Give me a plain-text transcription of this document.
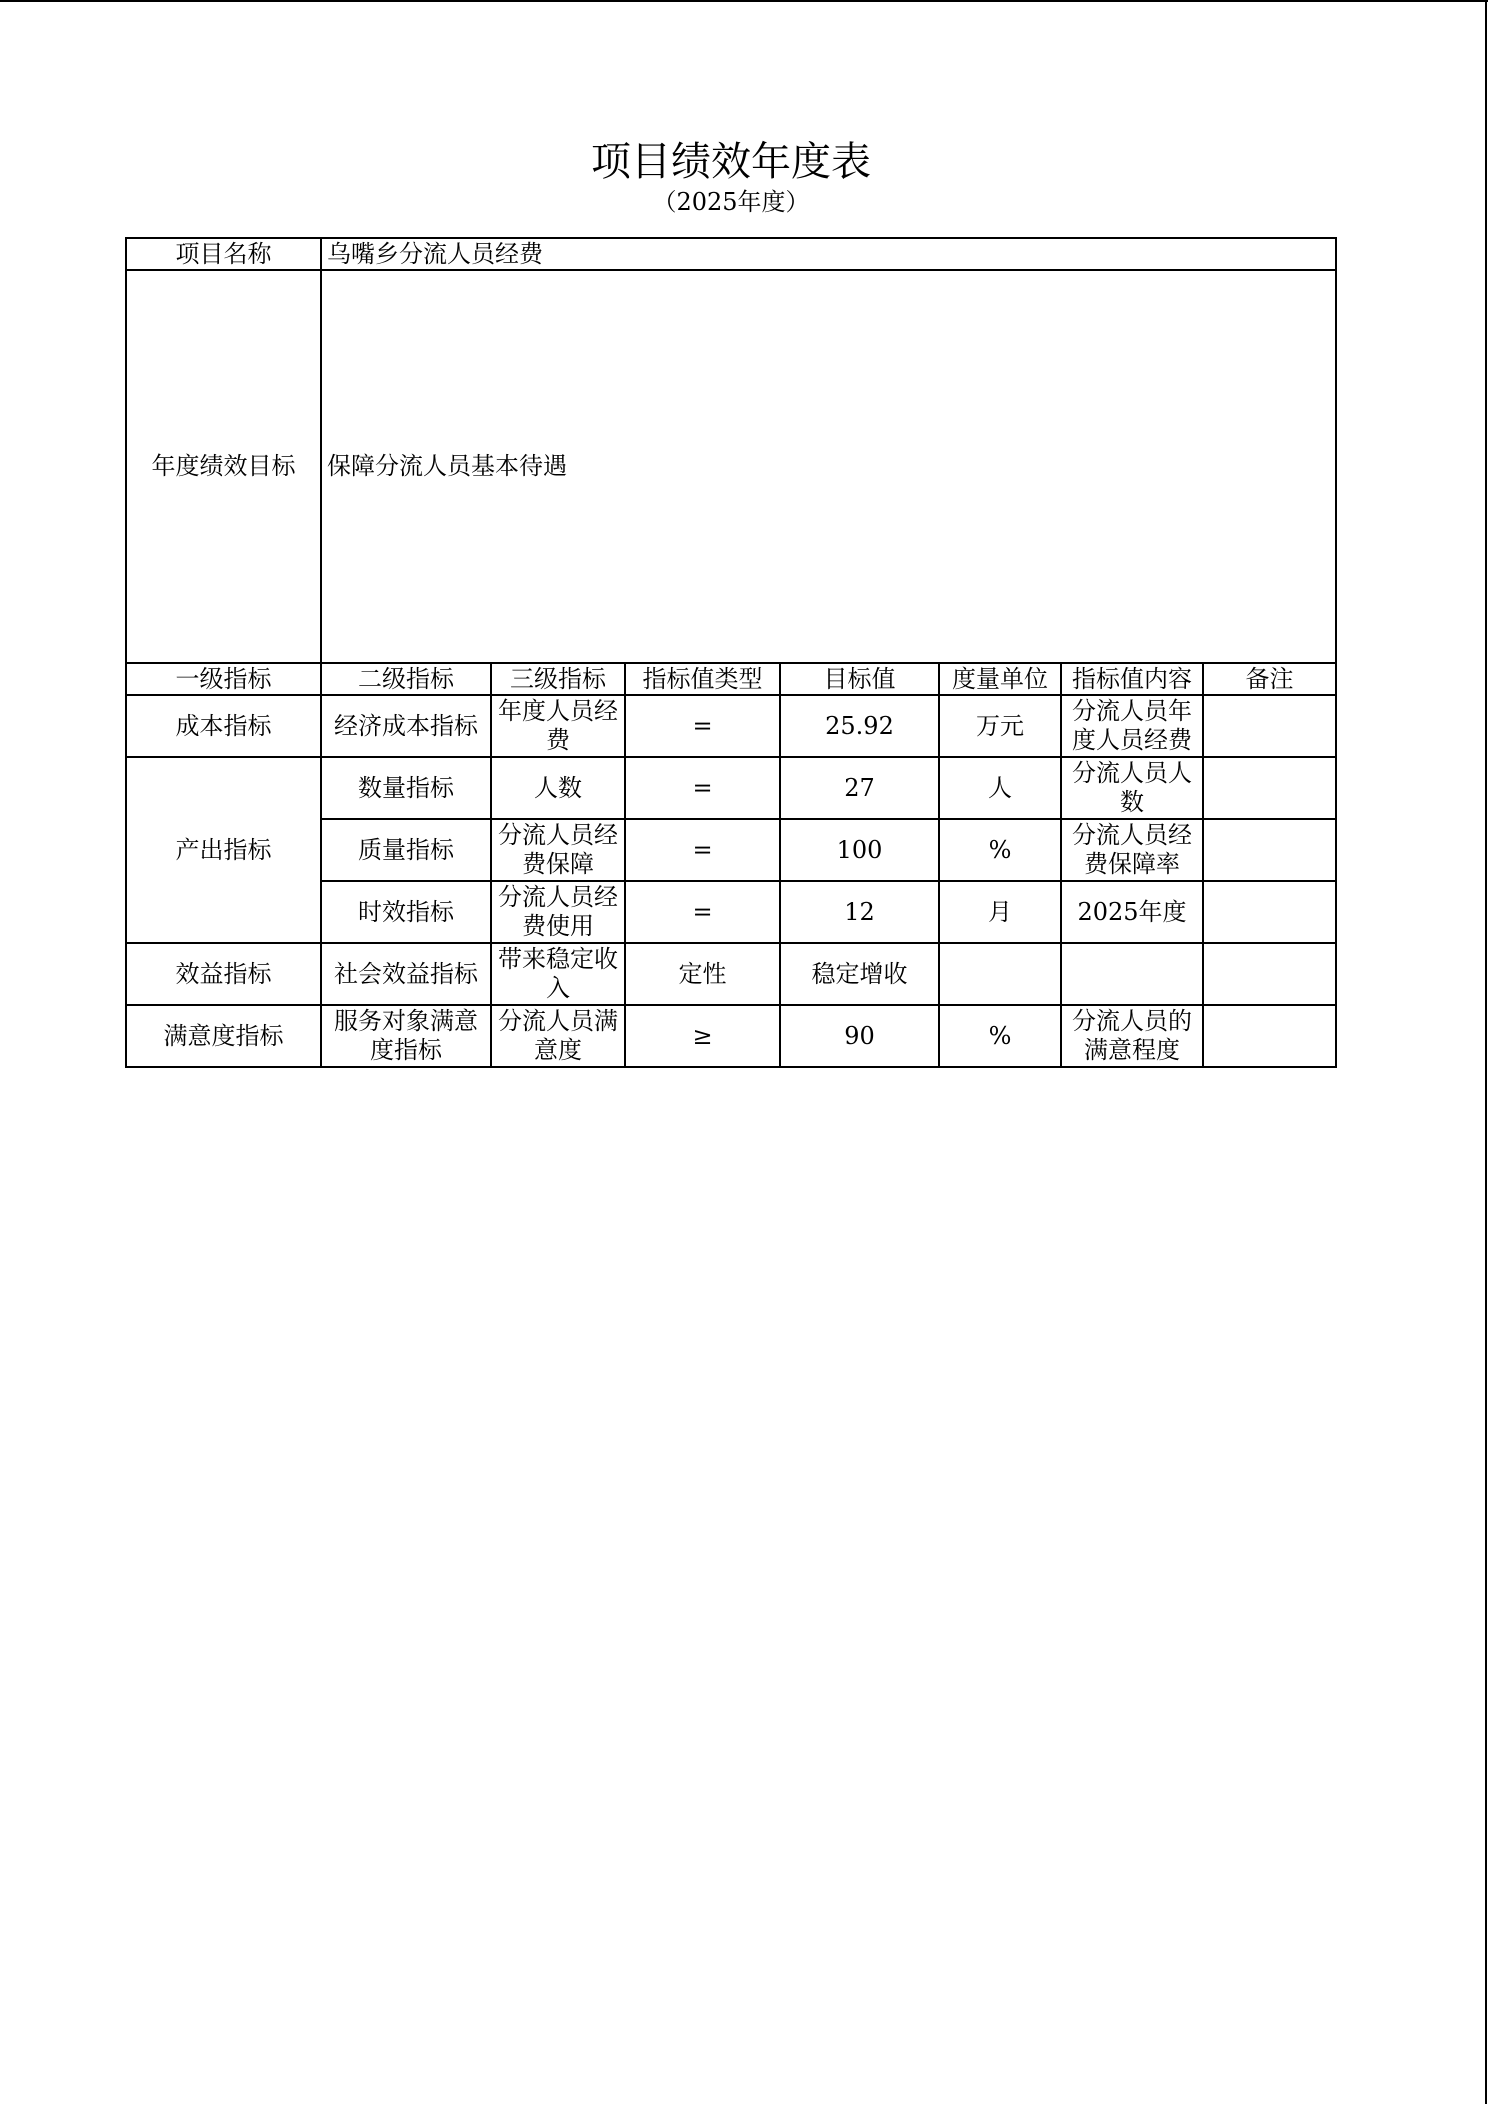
项目绩效年度表
（2025年度）
项目名称	乌嘴乡分流人员经费						
年度绩效目标	保障分流人员基本待遇						
一级指标	二级指标	三级指标	指标值类型	目标值	度量单位	指标值内容	备注
成本指标	经济成本指标	年度人员经费	=	25.92	万元	分流人员年度人员经费	
产出指标	数量指标	人数	=	27	人	分流人员人数	
	质量指标	分流人员经费保障	=	100	%	分流人员经费保障率	
	时效指标	分流人员经费使用	=	12	月	2025年度	
效益指标	社会效益指标	带来稳定收入	定性	稳定增收			
满意度指标	服务对象满意度指标	分流人员满意度	≥	90	%	分流人员的满意程度	
